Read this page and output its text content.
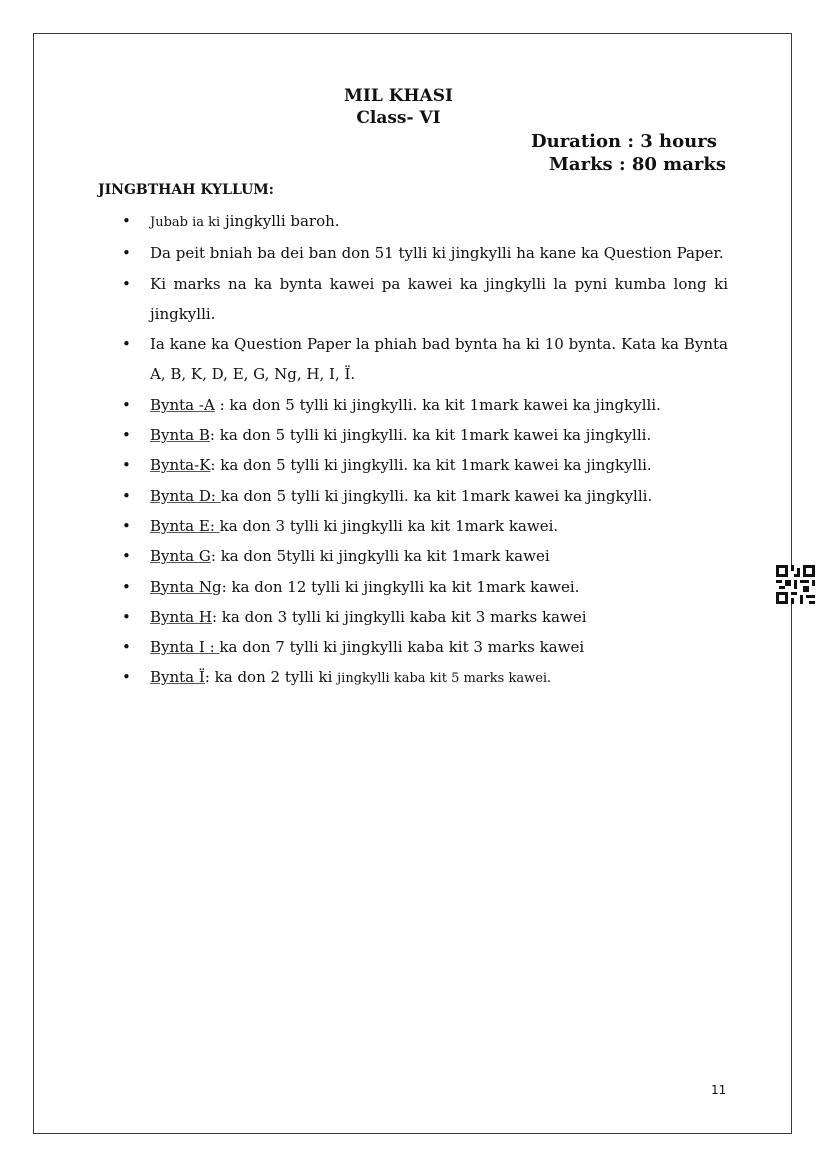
MIL KHASI
Class- VI
Duration : 3 hours
Marks : 80 marks
JINGBTHAH KYLLUM:
• Jubab ia ki jingkylli baroh.
• Da peit bniah ba dei ban don 51 tylli ki jingkylli ha kane ka Question Paper.
• Ki marks na ka bynta kawei pa kawei ka jingkylli la pyni kumba long ki jingkylli.
• Ia kane ka Question Paper la phiah bad bynta ha ki 10 bynta. Kata ka Bynta A, B, K, D, E, G, Ng, H, I, Ï.
• Bynta -A : ka don 5 tylli ki jingkylli. ka kit 1mark kawei ka jingkylli.
• Bynta B: ka don 5 tylli ki jingkylli. ka kit 1mark kawei ka jingkylli.
• Bynta-K: ka don 5 tylli ki jingkylli. ka kit 1mark kawei ka jingkylli.
• Bynta D: ka don 5 tylli ki jingkylli. ka kit 1mark kawei ka jingkylli.
• Bynta E: ka don 3 tylli ki jingkylli ka kit 1mark kawei.
• Bynta G: ka don 5tylli ki jingkylli ka kit 1mark kawei
• Bynta Ng: ka don 12 tylli ki jingkylli ka kit 1mark kawei.
• Bynta H: ka don 3 tylli ki jingkylli kaba kit 3 marks kawei
• Bynta I : ka don 7 tylli ki jingkylli kaba kit 3 marks kawei
• Bynta Ï: ka don 2 tylli ki jingkylli kaba kit 5 marks kawei.
11
